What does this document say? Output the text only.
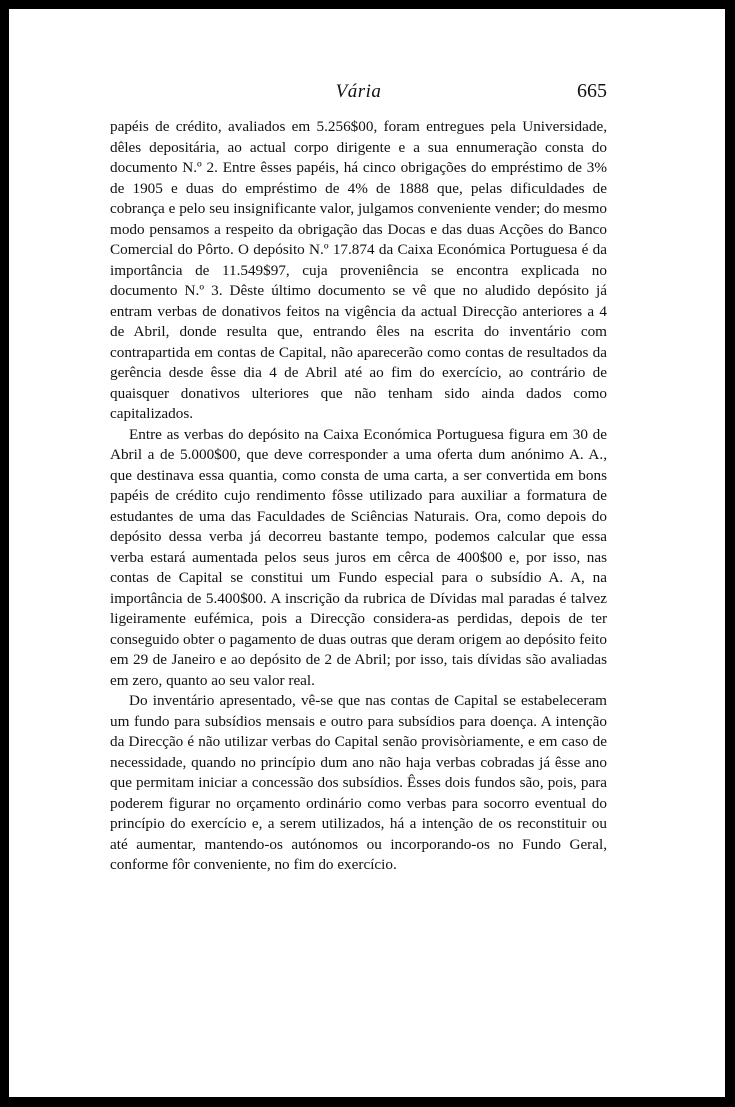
Vária	665

papéis de crédito, avaliados em 5.256$00, foram entregues pela Universidade, dêles depositária, ao actual corpo dirigente e a sua ennumeração consta do documento N.º 2. Entre êsses papéis, há cinco obrigações do empréstimo de 3% de 1905 e duas do empréstimo de 4% de 1888 que, pelas dificuldades de cobrança e pelo seu insignificante valor, julgamos conveniente vender; do mesmo modo pensamos a respeito da obrigação das Docas e das duas Acções do Banco Comercial do Pôrto. O depósito N.º 17.874 da Caixa Económica Portuguesa é da importância de 11.549$97, cuja proveniência se encontra explicada no documento N.º 3. Dêste último documento se vê que no aludido depósito já entram verbas de donativos feitos na vigência da actual Direcção anteriores a 4 de Abril, donde resulta que, entrando êles na escrita do inventário com contrapartida em contas de Capital, não aparecerão como contas de resultados da gerência desde êsse dia 4 de Abril até ao fim do exercício, ao contrário de quaisquer donativos ulteriores que não tenham sido ainda dados como capitalizados.

Entre as verbas do depósito na Caixa Económica Portuguesa figura em 30 de Abril a de 5.000$00, que deve corresponder a uma oferta dum anónimo A. A., que destinava essa quantia, como consta de uma carta, a ser convertida em bons papéis de crédito cujo rendimento fôsse utilizado para auxiliar a formatura de estudantes de uma das Faculdades de Sciências Naturais. Ora, como depois do depósito dessa verba já decorreu bastante tempo, podemos calcular que essa verba estará aumentada pelos seus juros em cêrca de 400$00 e, por isso, nas contas de Capital se constitui um Fundo especial para o subsídio A. A, na importância de 5.400$00. A inscrição da rubrica de Dívidas mal paradas é talvez ligeiramente eufémica, pois a Direcção considera-as perdidas, depois de ter conseguido obter o pagamento de duas outras que deram origem ao depósito feito em 29 de Janeiro e ao depósito de 2 de Abril; por isso, tais dívidas são avaliadas em zero, quanto ao seu valor real.

Do inventário apresentado, vê-se que nas contas de Capital se estabeleceram um fundo para subsídios mensais e outro para subsídios para doença. A intenção da Direcção é não utilizar verbas do Capital senão provisòriamente, e em caso de necessidade, quando no princípio dum ano não haja verbas cobradas já êsse ano que permitam iniciar a concessão dos subsídios. Êsses dois fundos são, pois, para poderem figurar no orçamento ordinário como verbas para socorro eventual do princípio do exercício e, a serem utilizados, há a intenção de os reconstituir ou até aumentar, mantendo-os autónomos ou incorporando-os no Fundo Geral, conforme fôr conveniente, no fim do exercício.
